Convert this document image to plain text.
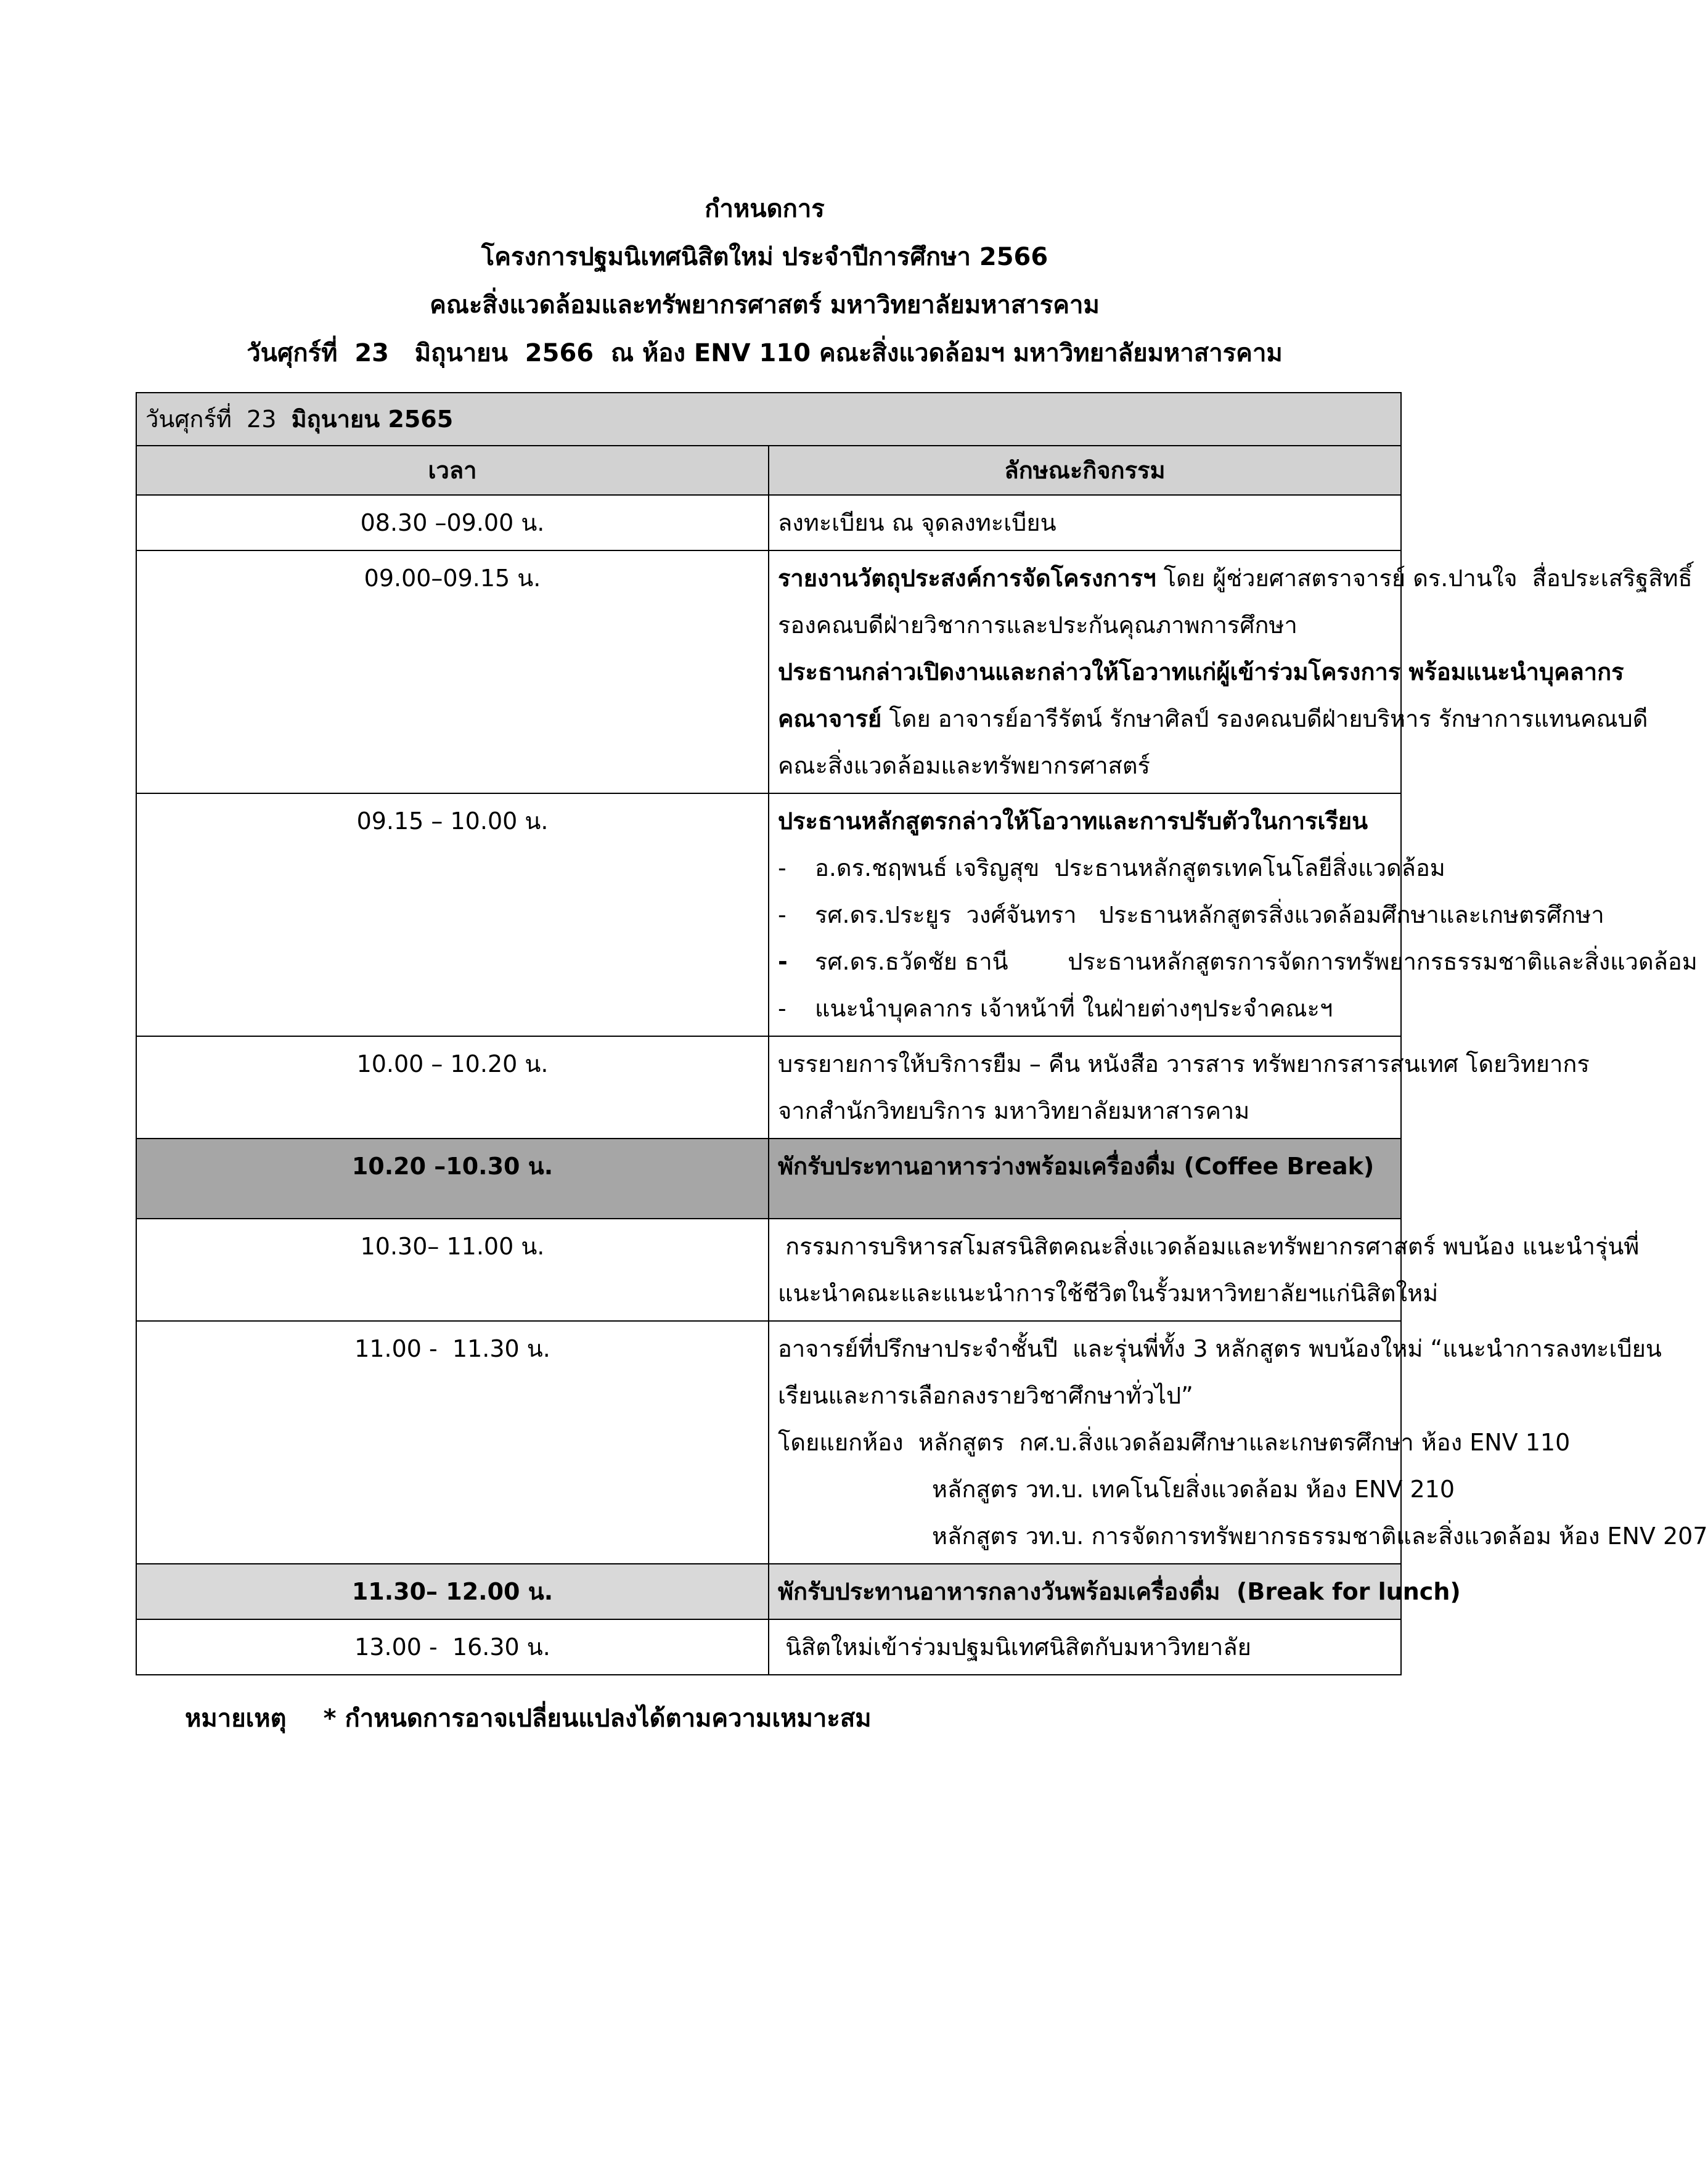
กำหนดการ
โครงการปฐมนิเทศนิสิตใหม่ ประจำปีการศึกษา 2566
คณะสิ่งแวดล้อมและทรัพยากรศาสตร์ มหาวิทยาลัยมหาสารคาม
วันศุกร์ที่  23   มิถุนายน  2566  ณ ห้อง ENV 110 คณะสิ่งแวดล้อมฯ มหาวิทยาลัยมหาสารคาม
วันศุกร์ที่  23  มิถุนายน 2565	
เวลา	ลักษณะกิจกรรม
08.30 –09.00 น.	ลงทะเบียน ณ จุดลงทะเบียน

09.00–09.15 น.	รายงานวัตถุประสงค์การจัดโครงการฯ โดย ผู้ช่วยศาสตราจารย์ ดร.ปานใจ  สื่อประเสริฐสิทธิ์
รองคณบดีฝ่ายวิชาการและประกันคุณภาพการศึกษา
ประธานกล่าวเปิดงานและกล่าวให้โอวาทแก่ผู้เข้าร่วมโครงการ พร้อมแนะนำบุคลากร
คณาจารย์ โดย อาจารย์อารีรัตน์ รักษาศิลป์ รองคณบดีฝ่ายบริหาร รักษาการแทนคณบดี
คณะสิ่งแวดล้อมและทรัพยากรศาสตร์

09.15 – 10.00 น.	ประธานหลักสูตรกล่าวให้โอวาทและการปรับตัวในการเรียน
- อ.ดร.ชฤพนธ์ เจริญสุข  ประธานหลักสูตรเทคโนโลยีสิ่งแวดล้อม
- รศ.ดร.ประยูร  วงศ์จันทรา   ประธานหลักสูตรสิ่งแวดล้อมศึกษาและเกษตรศึกษา
- รศ.ดร.ธวัดชัย ธานี        ประธานหลักสูตรการจัดการทรัพยากรธรรมชาติและสิ่งแวดล้อม
- แนะนำบุคลากร เจ้าหน้าที่ ในฝ่ายต่างๆประจำคณะฯ

10.00 – 10.20 น.	บรรยายการให้บริการยืม – คืน หนังสือ วารสาร ทรัพยากรสารสนเทศ โดยวิทยากร
จากสำนักวิทยบริการ มหาวิทยาลัยมหาสารคาม

10.20 –10.30 น.	พักรับประทานอาหารว่างพร้อมเครื่องดื่ม (Coffee Break)

10.30– 11.00 น.	กรรมการบริหารสโมสรนิสิตคณะสิ่งแวดล้อมและทรัพยากรศาสตร์ พบน้อง แนะนำรุ่นพี่
แนะนำคณะและแนะนำการใช้ชีวิตในรั้วมหาวิทยาลัยฯแก่นิสิตใหม่

11.00 -  11.30 น.	อาจารย์ที่ปรึกษาประจำชั้นปี  และรุ่นพี่ทั้ง 3 หลักสูตร พบน้องใหม่ “แนะนำการลงทะเบียน
เรียนและการเลือกลงรายวิชาศึกษาทั่วไป”
โดยแยกห้อง  หลักสูตร  กศ.บ.สิ่งแวดล้อมศึกษาและเกษตรศึกษา ห้อง ENV 110
หลักสูตร วท.บ. เทคโนโยสิ่งแวดล้อม ห้อง ENV 210
หลักสูตร วท.บ. การจัดการทรัพยากรธรรมชาติและสิ่งแวดล้อม ห้อง ENV 207

11.30– 12.00 น.	พักรับประทานอาหารกลางวันพร้อมเครื่องดื่ม  (Break for lunch)

13.00 -  16.30 น.	นิสิตใหม่เข้าร่วมปฐมนิเทศนิสิตกับมหาวิทยาลัย
หมายเหตุ * กำหนดการอาจเปลี่ยนแปลงได้ตามความเหมาะสม
